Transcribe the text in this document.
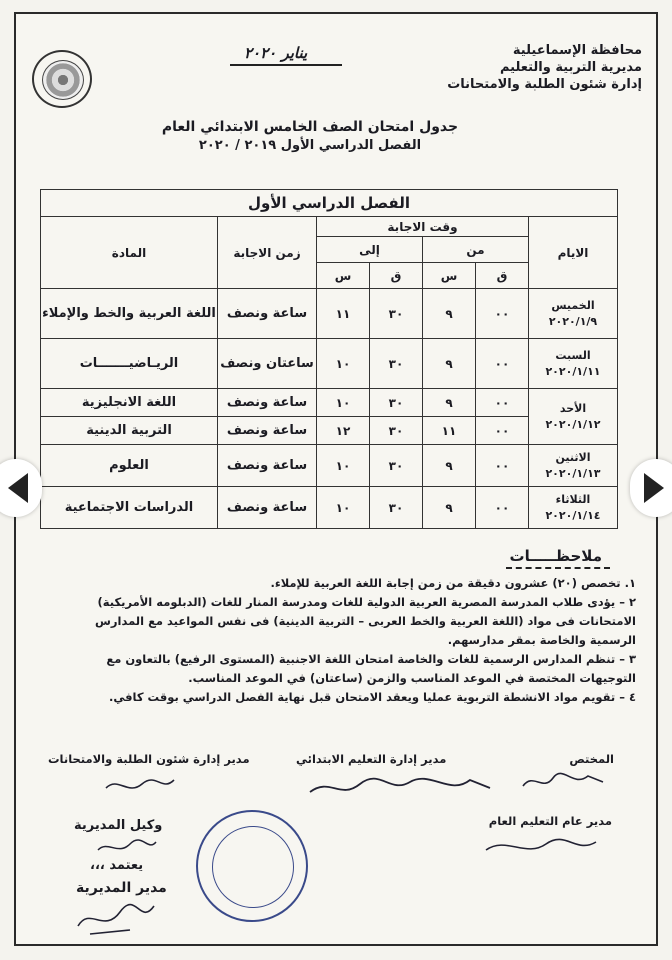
محافظة الإسماعيلية
مديرية التربية والتعليم
إدارة شئون الطلبة والامتحانات
يناير ٢٠٢٠
جدول امتحان الصف الخامس الابتدائي العام
الفصل الدراسي الأول ٢٠١٩ / ٢٠٢٠
الفصل الدراسي الأول						
الايام	وقت الاجابة				زمن الاجابة	المادة
	من		إلى			
	ق	س	ق	س		

الخميس
٢٠٢٠/١/٩	٠٠	٩	٣٠	١١	ساعة ونصف	اللغة العربية والخط والإملاء

السبت
٢٠٢٠/١/١١	٠٠	٩	٣٠	١٠	ساعتان ونصف	الريـاضيـــــــات

الأحد
٢٠٢٠/١/١٢	٠٠	٩	٣٠	١٠	ساعة ونصف	اللغة الانجليزية
	٠٠	١١	٣٠	١٢	ساعة ونصف	التربية الدينية

الاثنين
٢٠٢٠/١/١٣	٠٠	٩	٣٠	١٠	ساعة ونصف	العلوم

الثلاثاء
٢٠٢٠/١/١٤	٠٠	٩	٣٠	١٠	ساعة ونصف	الدراسات الاجتماعية
ملاحظـــــات

١. تخصص (٢٠) عشرون دقيقة من زمن إجابة اللغة العربية للإملاء.

٢ – يؤدى طلاب المدرسة المصرية العربية الدولية للغات ومدرسة المنار للغات (الدبلومه الأمريكية) الامتحانات فى مواد (اللغة العربية والخط العربى – التربية الدينية) فى نفس المواعيد مع المدارس الرسمية والخاصة بمقر مدارسهم.

٣ – تنظم المدارس الرسمية للغات والخاصة امتحان اللغة الاجنبية (المستوى الرفيع) بالتعاون مع التوجيهات المختصة في الموعد المناسب والزمن (ساعتان) في الموعد المناسب.

٤ – تقويم مواد الانشطة التربوية عمليا ويعقد الامتحان قبل نهاية الفصل الدراسي بوقت كافي.

المختص
مدير إدارة التعليم الابتدائي
مدير إدارة شئون الطلبة والامتحانات
مدير عام التعليم العام
وكيل المديرية
يعتمد ،،،
مدير المديرية
